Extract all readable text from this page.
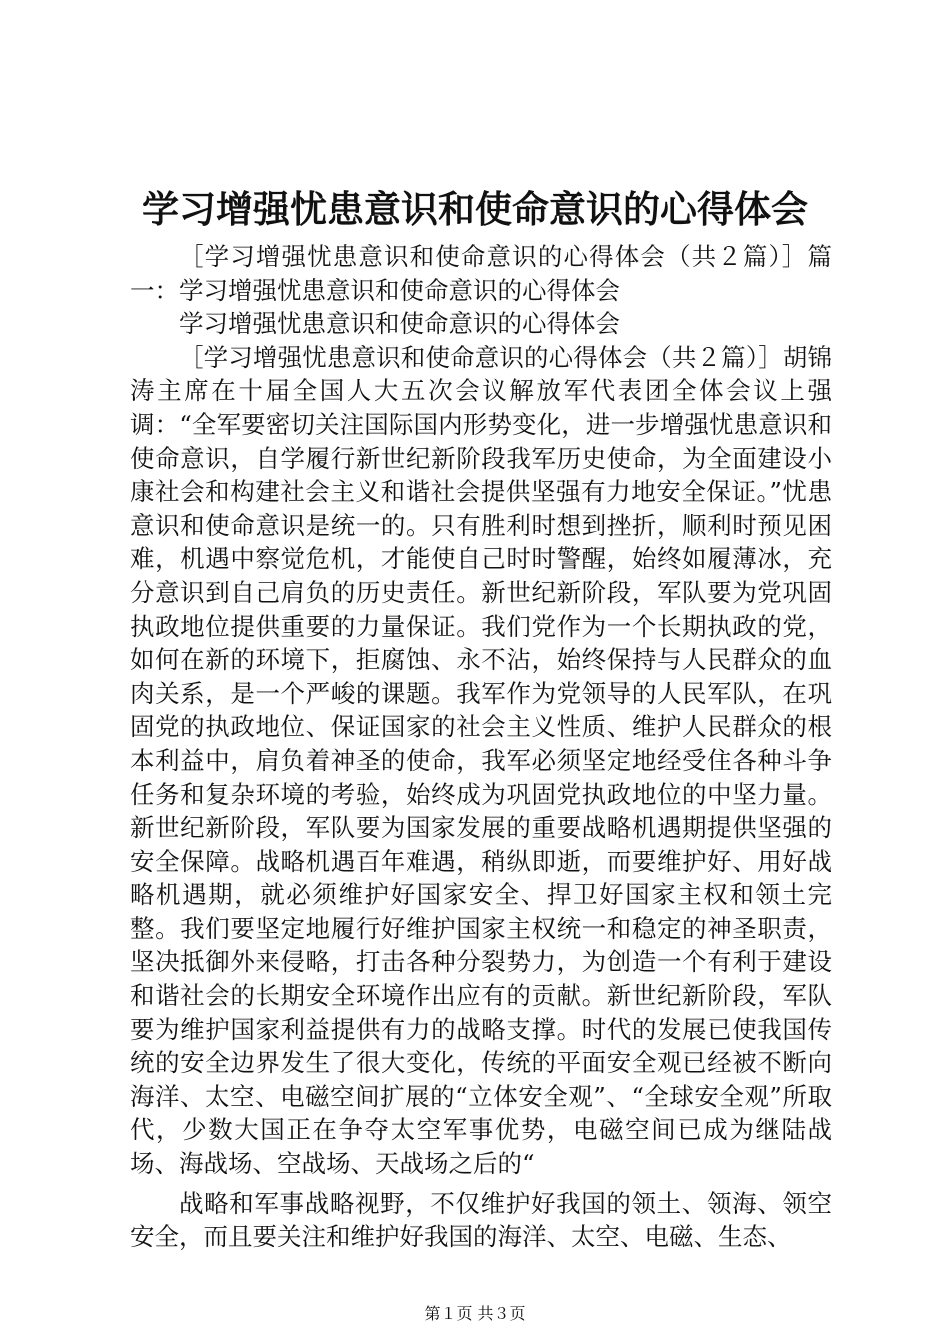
学习增强忧患意识和使命意识的心得体会

［学习增强忧患意识和使命意识的心得体会（共２篇）］篇一：学习增强忧患意识和使命意识的心得体会

学习增强忧患意识和使命意识的心得体会

［学习增强忧患意识和使命意识的心得体会（共２篇）］胡锦涛主席在十届全国人大五次会议解放军代表团全体会议上强调：“全军要密切关注国际国内形势变化，进一步增强忧患意识和使命意识，自学履行新世纪新阶段我军历史使命，为全面建设小康社会和构建社会主义和谐社会提供坚强有力地安全保证。”忧患意识和使命意识是统一的。只有胜利时想到挫折，顺利时预见困难，机遇中察觉危机，才能使自己时时警醒，始终如履薄冰，充分意识到自己肩负的历史责任。新世纪新阶段，军队要为党巩固执政地位提供重要的力量保证。我们党作为一个长期执政的党，如何在新的环境下，拒腐蚀、永不沾，始终保持与人民群众的血肉关系，是一个严峻的课题。我军作为党领导的人民军队，在巩固党的执政地位、保证国家的社会主义性质、维护人民群众的根本利益中，肩负着神圣的使命，我军必须坚定地经受住各种斗争任务和复杂环境的考验，始终成为巩固党执政地位的中坚力量。新世纪新阶段，军队要为国家发展的重要战略机遇期提供坚强的安全保障。战略机遇百年难遇，稍纵即逝，而要维护好、用好战略机遇期，就必须维护好国家安全、捍卫好国家主权和领土完整。我们要坚定地履行好维护国家主权统一和稳定的神圣职责，坚决抵御外来侵略，打击各种分裂势力，为创造一个有利于建设和谐社会的长期安全环境作出应有的贡献。新世纪新阶段，军队要为维护国家利益提供有力的战略支撑。时代的发展已使我国传统的安全边界发生了很大变化，传统的平面安全观已经被不断向海洋、太空、电磁空间扩展的“立体安全观”、“全球安全观”所取代，少数大国正在争夺太空军事优势，电磁空间已成为继陆战场、海战场、空战场、天战场之后的“

战略和军事战略视野，不仅维护好我国的领土、领海、领空安全，而且要关注和维护好我国的海洋、太空、电磁、生态、

第１页 共３页
